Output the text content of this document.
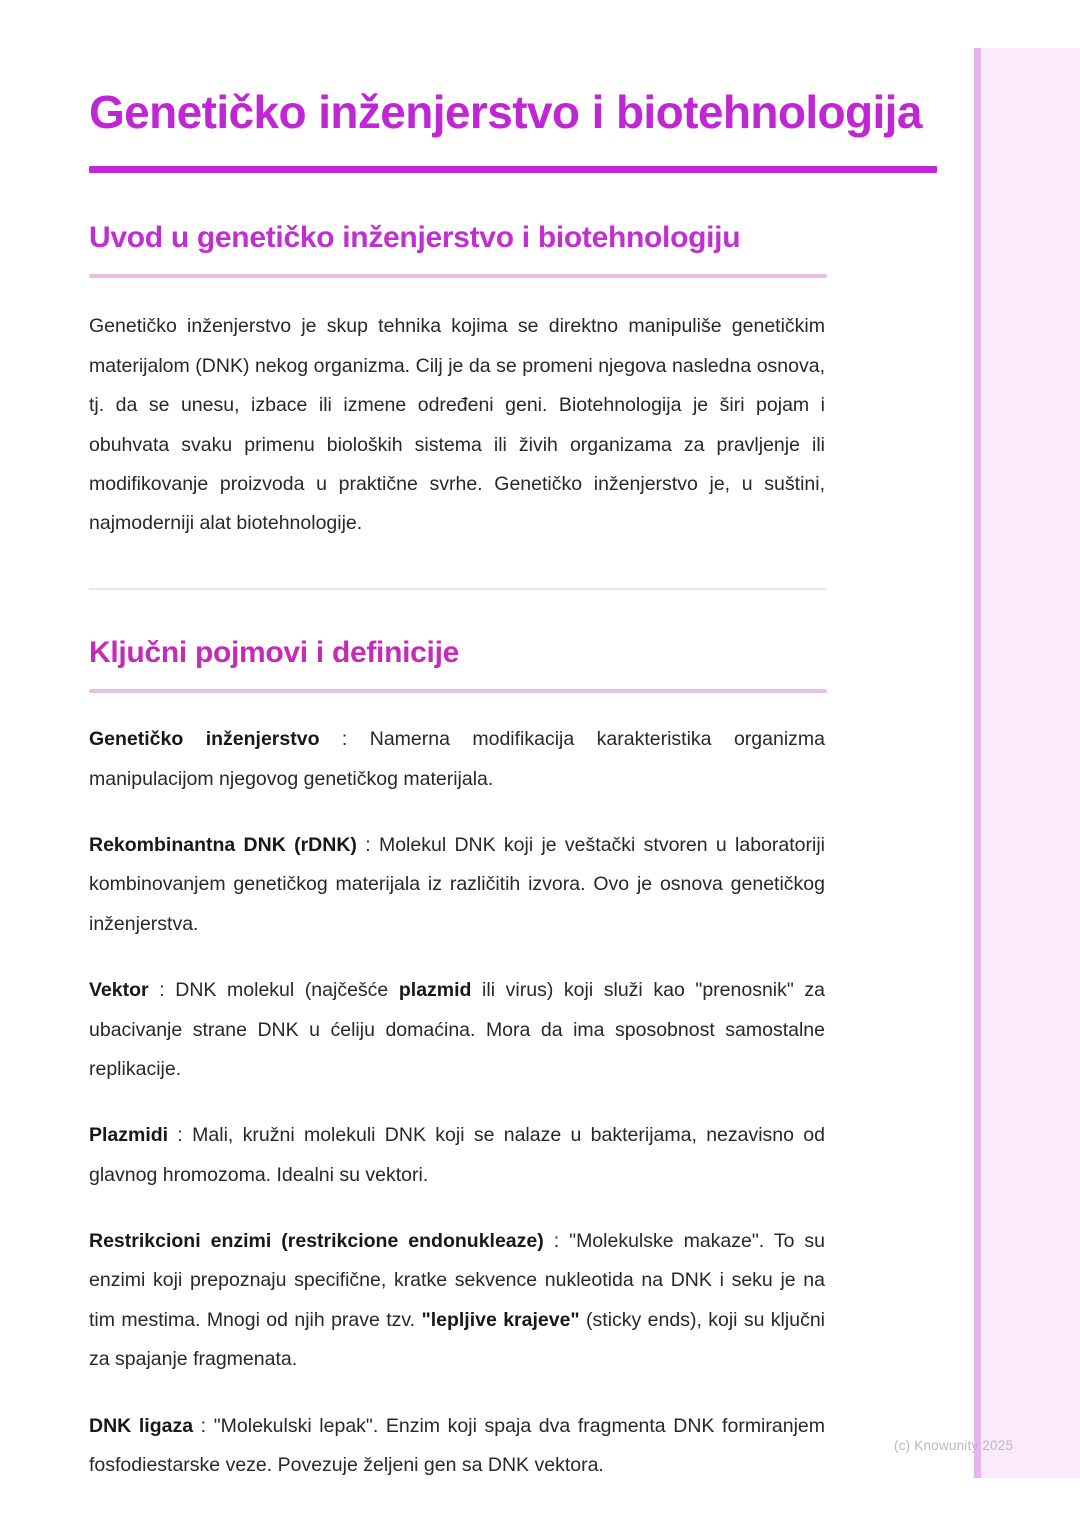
Genetičko inženjerstvo i biotehnologija
Uvod u genetičko inženjerstvo i biotehnologiju

Genetičko inženjerstvo je skup tehnika kojima se direktno manipuliše genetičkim materijalom (DNK) nekog organizma. Cilj je da se promeni njegova nasledna osnova, tj. da se unesu, izbace ili izmene određeni geni. Biotehnologija je širi pojam i obuhvata svaku primenu bioloških sistema ili živih organizama za pravljenje ili modifikovanje proizvoda u praktične svrhe. Genetičko inženjerstvo je, u suštini, najmoderniji alat biotehnologije.

Ključni pojmovi i definicije

Genetičko inženjerstvo : Namerna modifikacija karakteristika organizma manipulacijom njegovog genetičkog materijala.

Rekombinantna DNK (rDNK) : Molekul DNK koji je veštački stvoren u laboratoriji kombinovanjem genetičkog materijala iz različitih izvora. Ovo je osnova genetičkog inženjerstva.

Vektor : DNK molekul (najčešće plazmid ili virus) koji služi kao "prenosnik" za ubacivanje strane DNK u ćeliju domaćina. Mora da ima sposobnost samostalne replikacije.

Plazmidi : Mali, kružni molekuli DNK koji se nalaze u bakterijama, nezavisno od glavnog hromozoma. Idealni su vektori.

Restrikcioni enzimi (restrikcione endonukleaze) : "Molekulske makaze". To su enzimi koji prepoznaju specifične, kratke sekvence nukleotida na DNK i seku je na tim mestima. Mnogi od njih prave tzv. "lepljive krajeve" (sticky ends), koji su ključni za spajanje fragmenata.

DNK ligaza : "Molekulski lepak". Enzim koji spaja dva fragmenta DNK formiranjem fosfodiestarske veze. Povezuje željeni gen sa DNK vektora.

(c) Knowunity 2025
